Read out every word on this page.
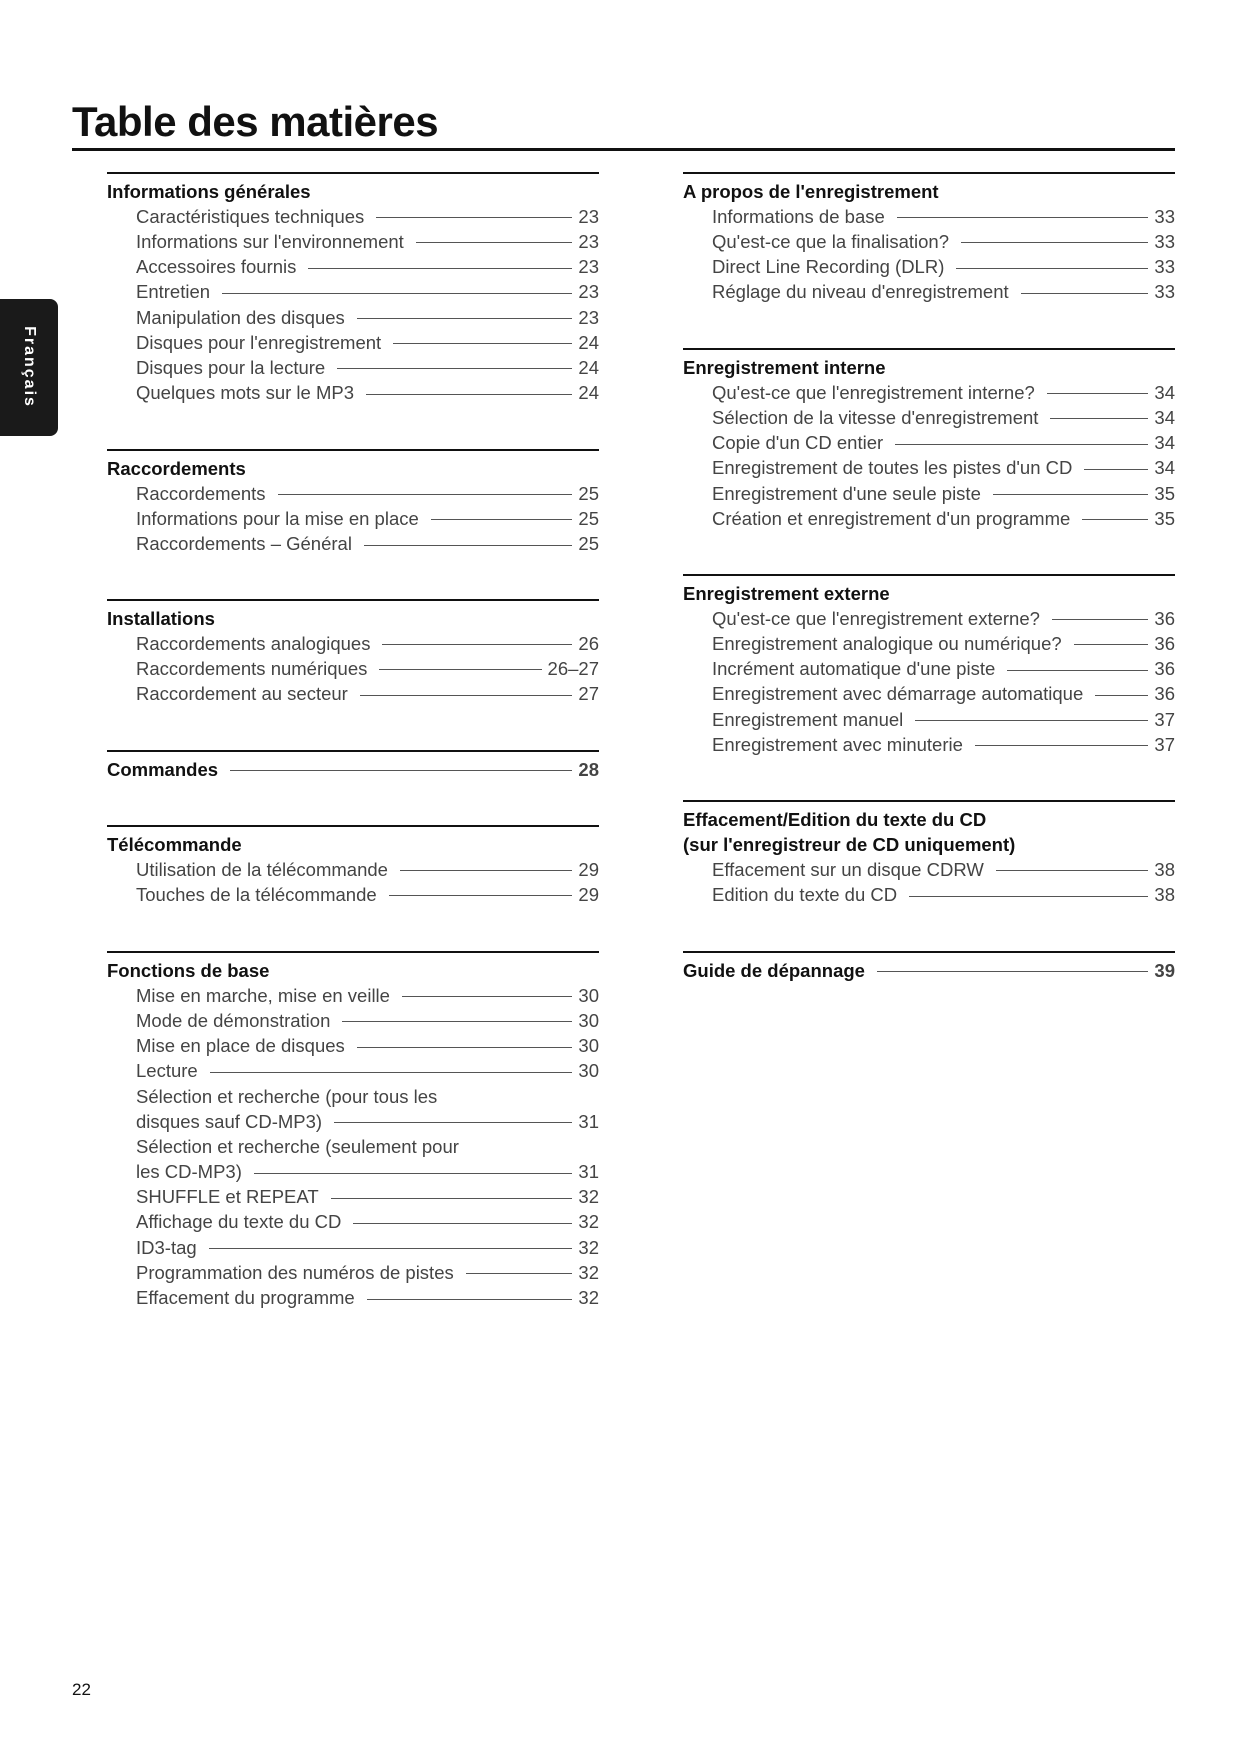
Table des matières
Français
Informations générales
Caractéristiques techniques	23
Informations sur l'environnement	23
Accessoires fournis	23
Entretien	23
Manipulation des disques	23
Disques pour l'enregistrement	24
Disques pour la lecture	24
Quelques mots sur le MP3	24
Raccordements
Raccordements	25
Informations pour la mise en place	25
Raccordements – Général	25
Installations
Raccordements analogiques	26
Raccordements numériques	26–27
Raccordement au secteur	27
Commandes	28
Télécommande
Utilisation de la télécommande	29
Touches de la télécommande	29
Fonctions de base
Mise en marche, mise en veille	30
Mode de démonstration	30
Mise en place de disques	30
Lecture	30
Sélection et recherche (pour tous les
disques sauf CD-MP3)	31
Sélection et recherche (seulement pour
les CD-MP3)	31
SHUFFLE et REPEAT	32
Affichage du texte du CD	32
ID3-tag	32
Programmation des numéros de pistes	32
Effacement du programme	32
A propos de l'enregistrement
Informations de base	33
Qu'est-ce que la finalisation?	33
Direct Line Recording (DLR)	33
Réglage du niveau d'enregistrement	33
Enregistrement interne
Qu'est-ce que l'enregistrement interne?	34
Sélection de la vitesse d'enregistrement	34
Copie d'un CD entier	34
Enregistrement de toutes les pistes d'un CD	34
Enregistrement d'une seule piste	35
Création et enregistrement d'un programme	35
Enregistrement externe
Qu'est-ce que l'enregistrement externe?	36
Enregistrement analogique ou numérique?	36
Incrément automatique d'une piste	36
Enregistrement avec démarrage automatique	36
Enregistrement manuel	37
Enregistrement avec minuterie	37
Effacement/Edition du texte du CD
(sur l'enregistreur de CD uniquement)
Effacement sur un disque CDRW	38
Edition du texte du CD	38
Guide de dépannage	39
22
